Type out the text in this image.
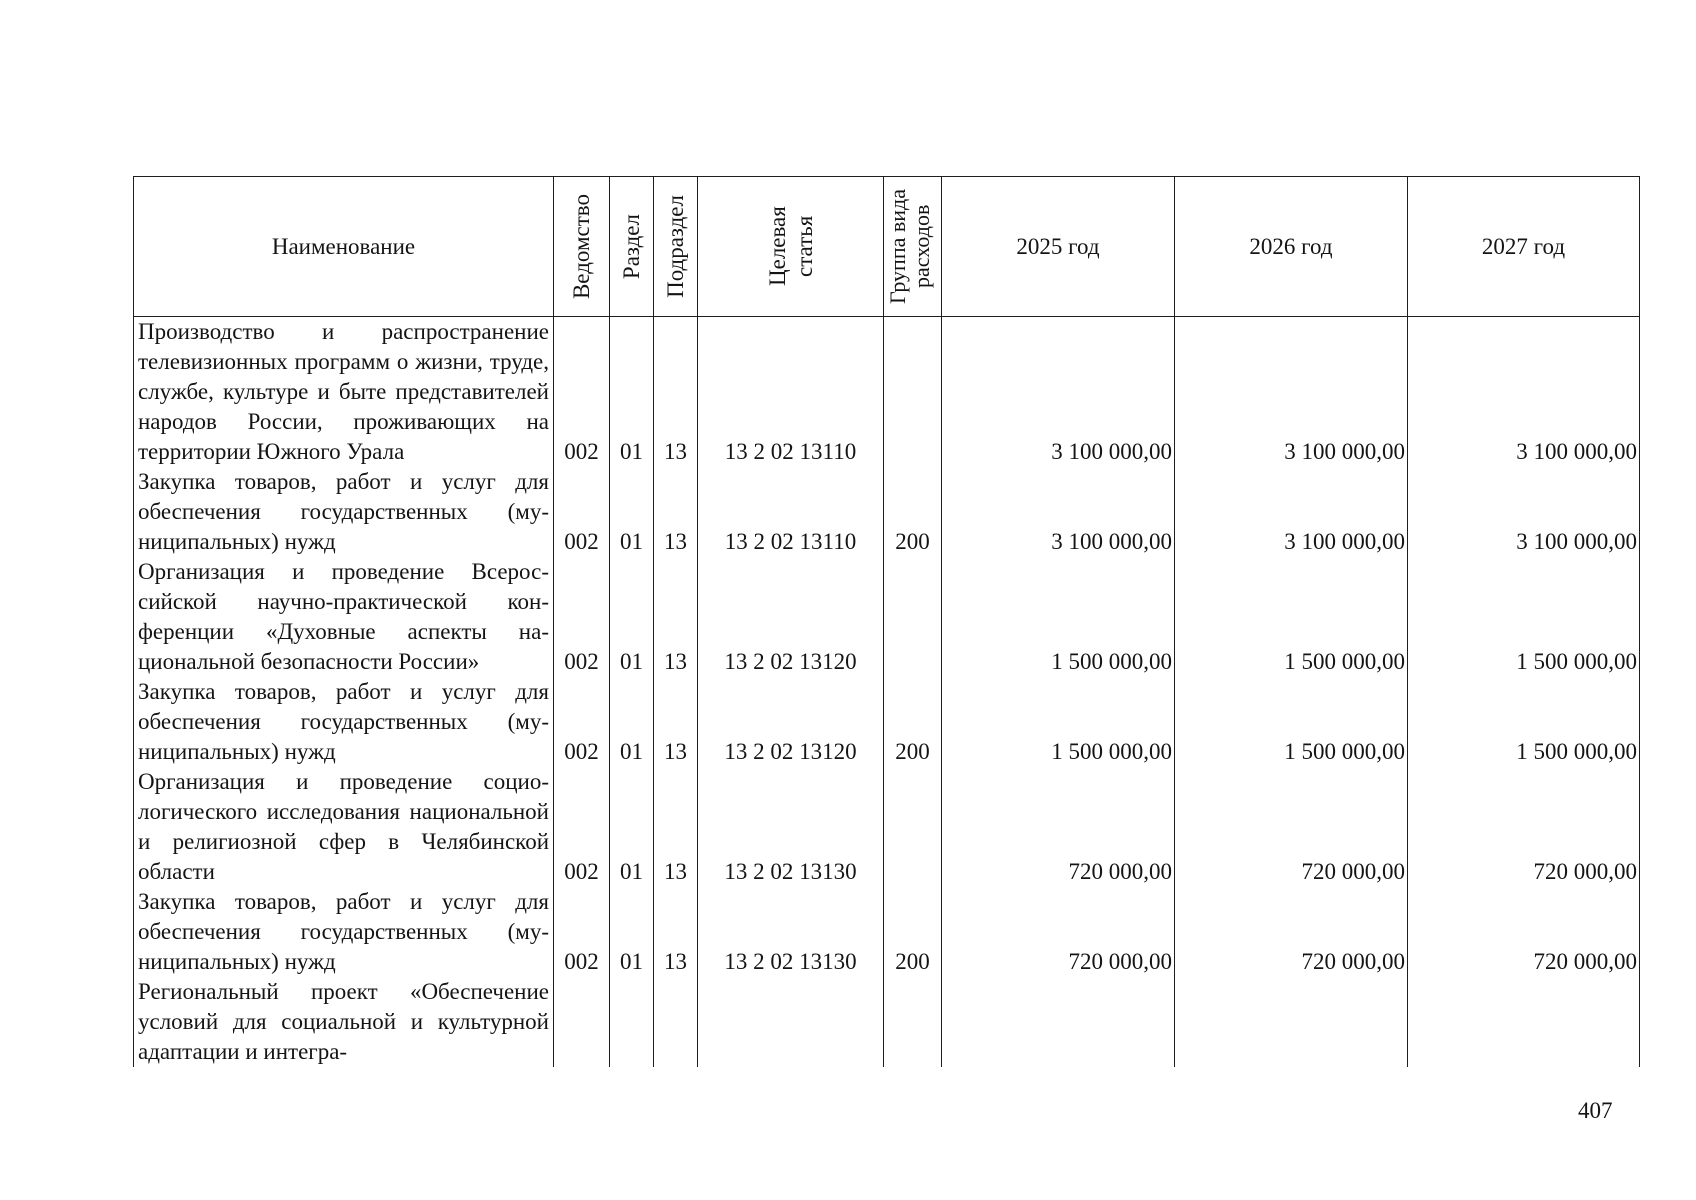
Наименование	Ведомство	Раздел	Подраздел	Целевая статья	Группа вида расходов	2025 год	2026 год	2027 год
Производство и распространение телевизионных программ о жизни, труде, службе, культуре и быте представителей народов России, проживающих на территории Южного Урала	002	01	13	13 2 02 13110		3 100 000,00	3 100 000,00	3 100 000,00
Закупка товаров, работ и услуг для обеспечения государственных (муниципальных) нужд	002	01	13	13 2 02 13110	200	3 100 000,00	3 100 000,00	3 100 000,00
Организация и проведение Всероссийской научно-практической конференции «Духовные аспекты национальной безопасности России»	002	01	13	13 2 02 13120		1 500 000,00	1 500 000,00	1 500 000,00
Закупка товаров, работ и услуг для обеспечения государственных (муниципальных) нужд	002	01	13	13 2 02 13120	200	1 500 000,00	1 500 000,00	1 500 000,00
Организация и проведение социологического исследования национальной и религиозной сфер в Челябинской области	002	01	13	13 2 02 13130		720 000,00	720 000,00	720 000,00
Закупка товаров, работ и услуг для обеспечения государственных (муниципальных) нужд	002	01	13	13 2 02 13130	200	720 000,00	720 000,00	720 000,00
Региональный проект «Обеспечение условий для социальной и культурной адаптации и интегра-								
407
